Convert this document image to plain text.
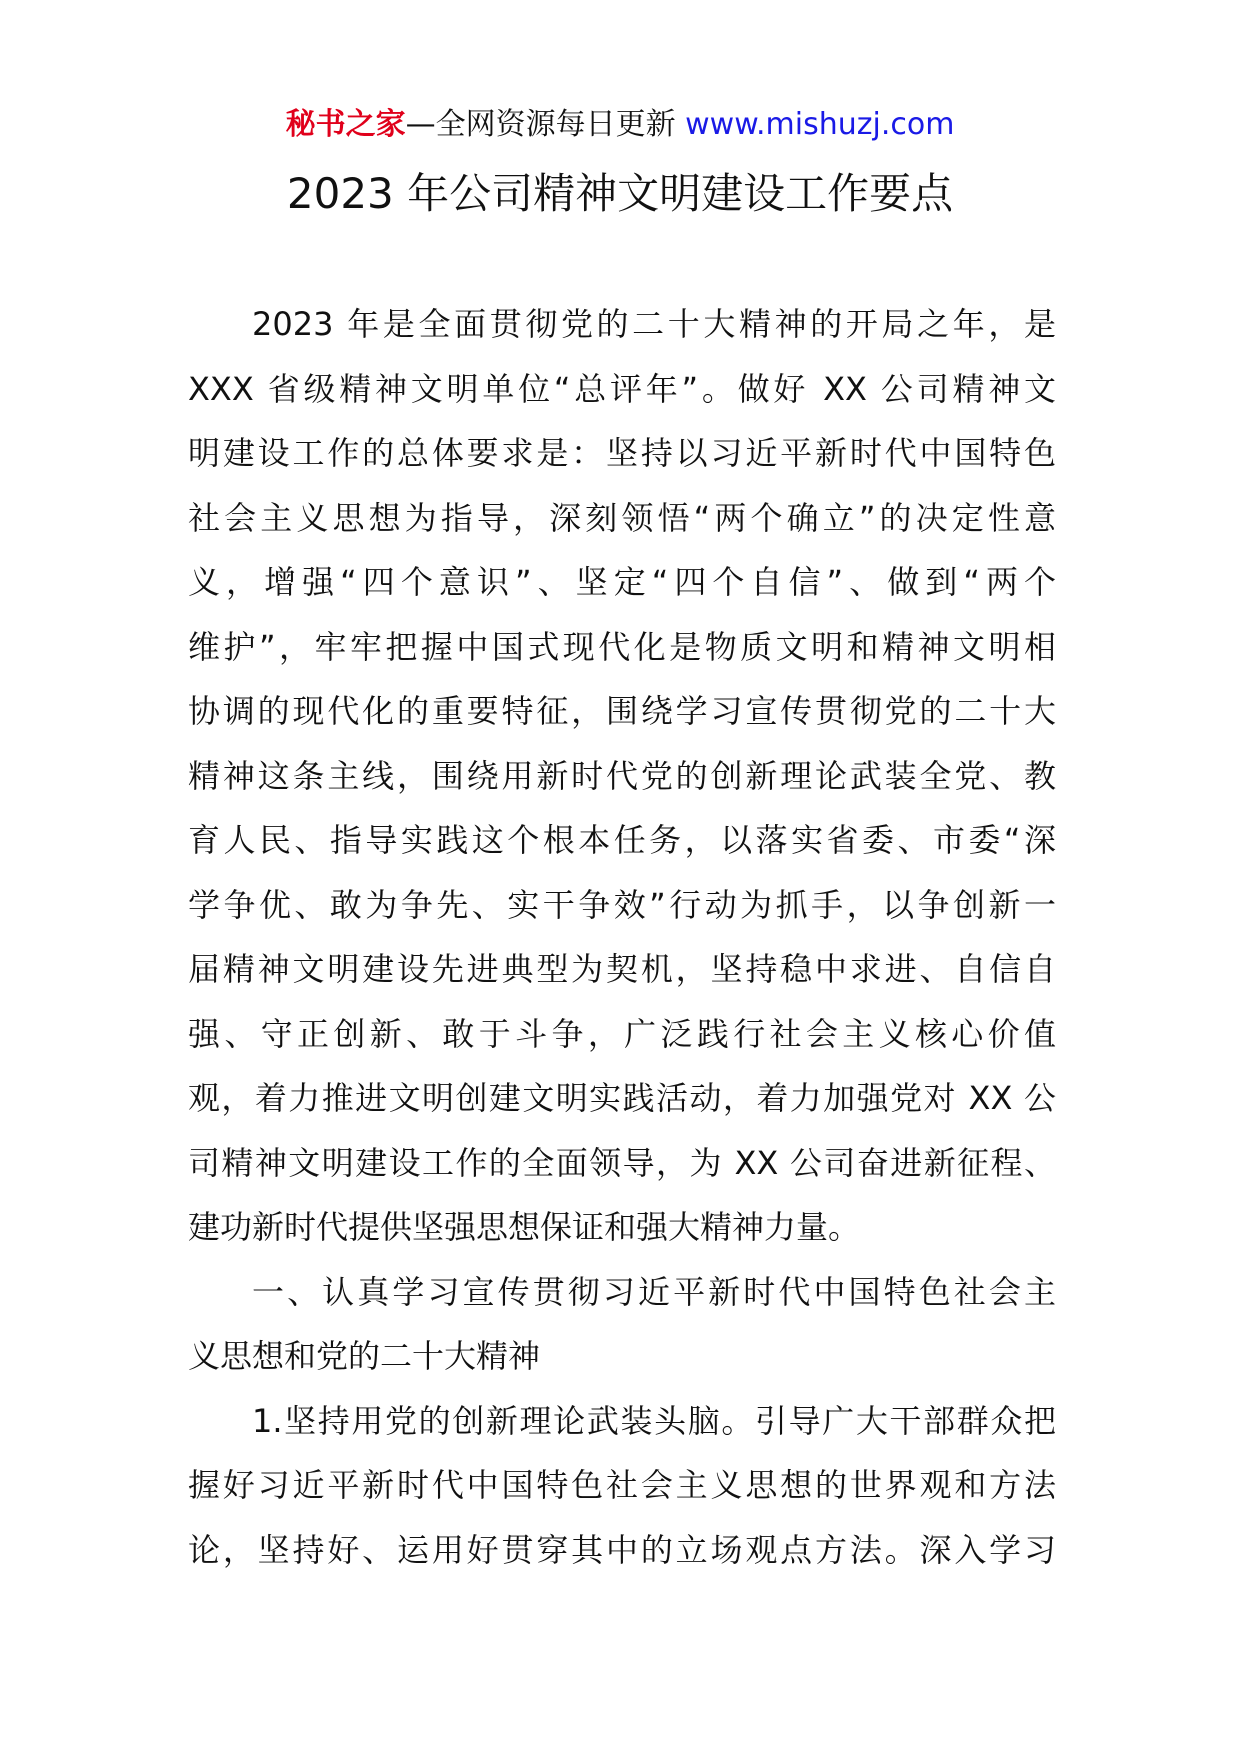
秘书之家—全网资源每日更新 www.mishuzj.com
2023 年公司精神文明建设工作要点
2023 年是全面贯彻党的二十大精神的开局之年，是
XXX 省级精神文明单位“总评年”。做好 XX 公司精神文
明建设工作的总体要求是：坚持以习近平新时代中国特色
社会主义思想为指导，深刻领悟“两个确立”的决定性意
义，增强“四个意识”、坚定“四个自信”、做到“两个
维护”，牢牢把握中国式现代化是物质文明和精神文明相
协调的现代化的重要特征，围绕学习宣传贯彻党的二十大
精神这条主线，围绕用新时代党的创新理论武装全党、教
育人民、指导实践这个根本任务，以落实省委、市委“深
学争优、敢为争先、实干争效”行动为抓手，以争创新一
届精神文明建设先进典型为契机，坚持稳中求进、自信自
强、守正创新、敢于斗争，广泛践行社会主义核心价值
观，着力推进文明创建文明实践活动，着力加强党对 XX 公
司精神文明建设工作的全面领导，为 XX 公司奋进新征程、
建功新时代提供坚强思想保证和强大精神力量。
一、认真学习宣传贯彻习近平新时代中国特色社会主
义思想和党的二十大精神
1.坚持用党的创新理论武装头脑。引导广大干部群众把
握好习近平新时代中国特色社会主义思想的世界观和方法
论，坚持好、运用好贯穿其中的立场观点方法。深入学习
